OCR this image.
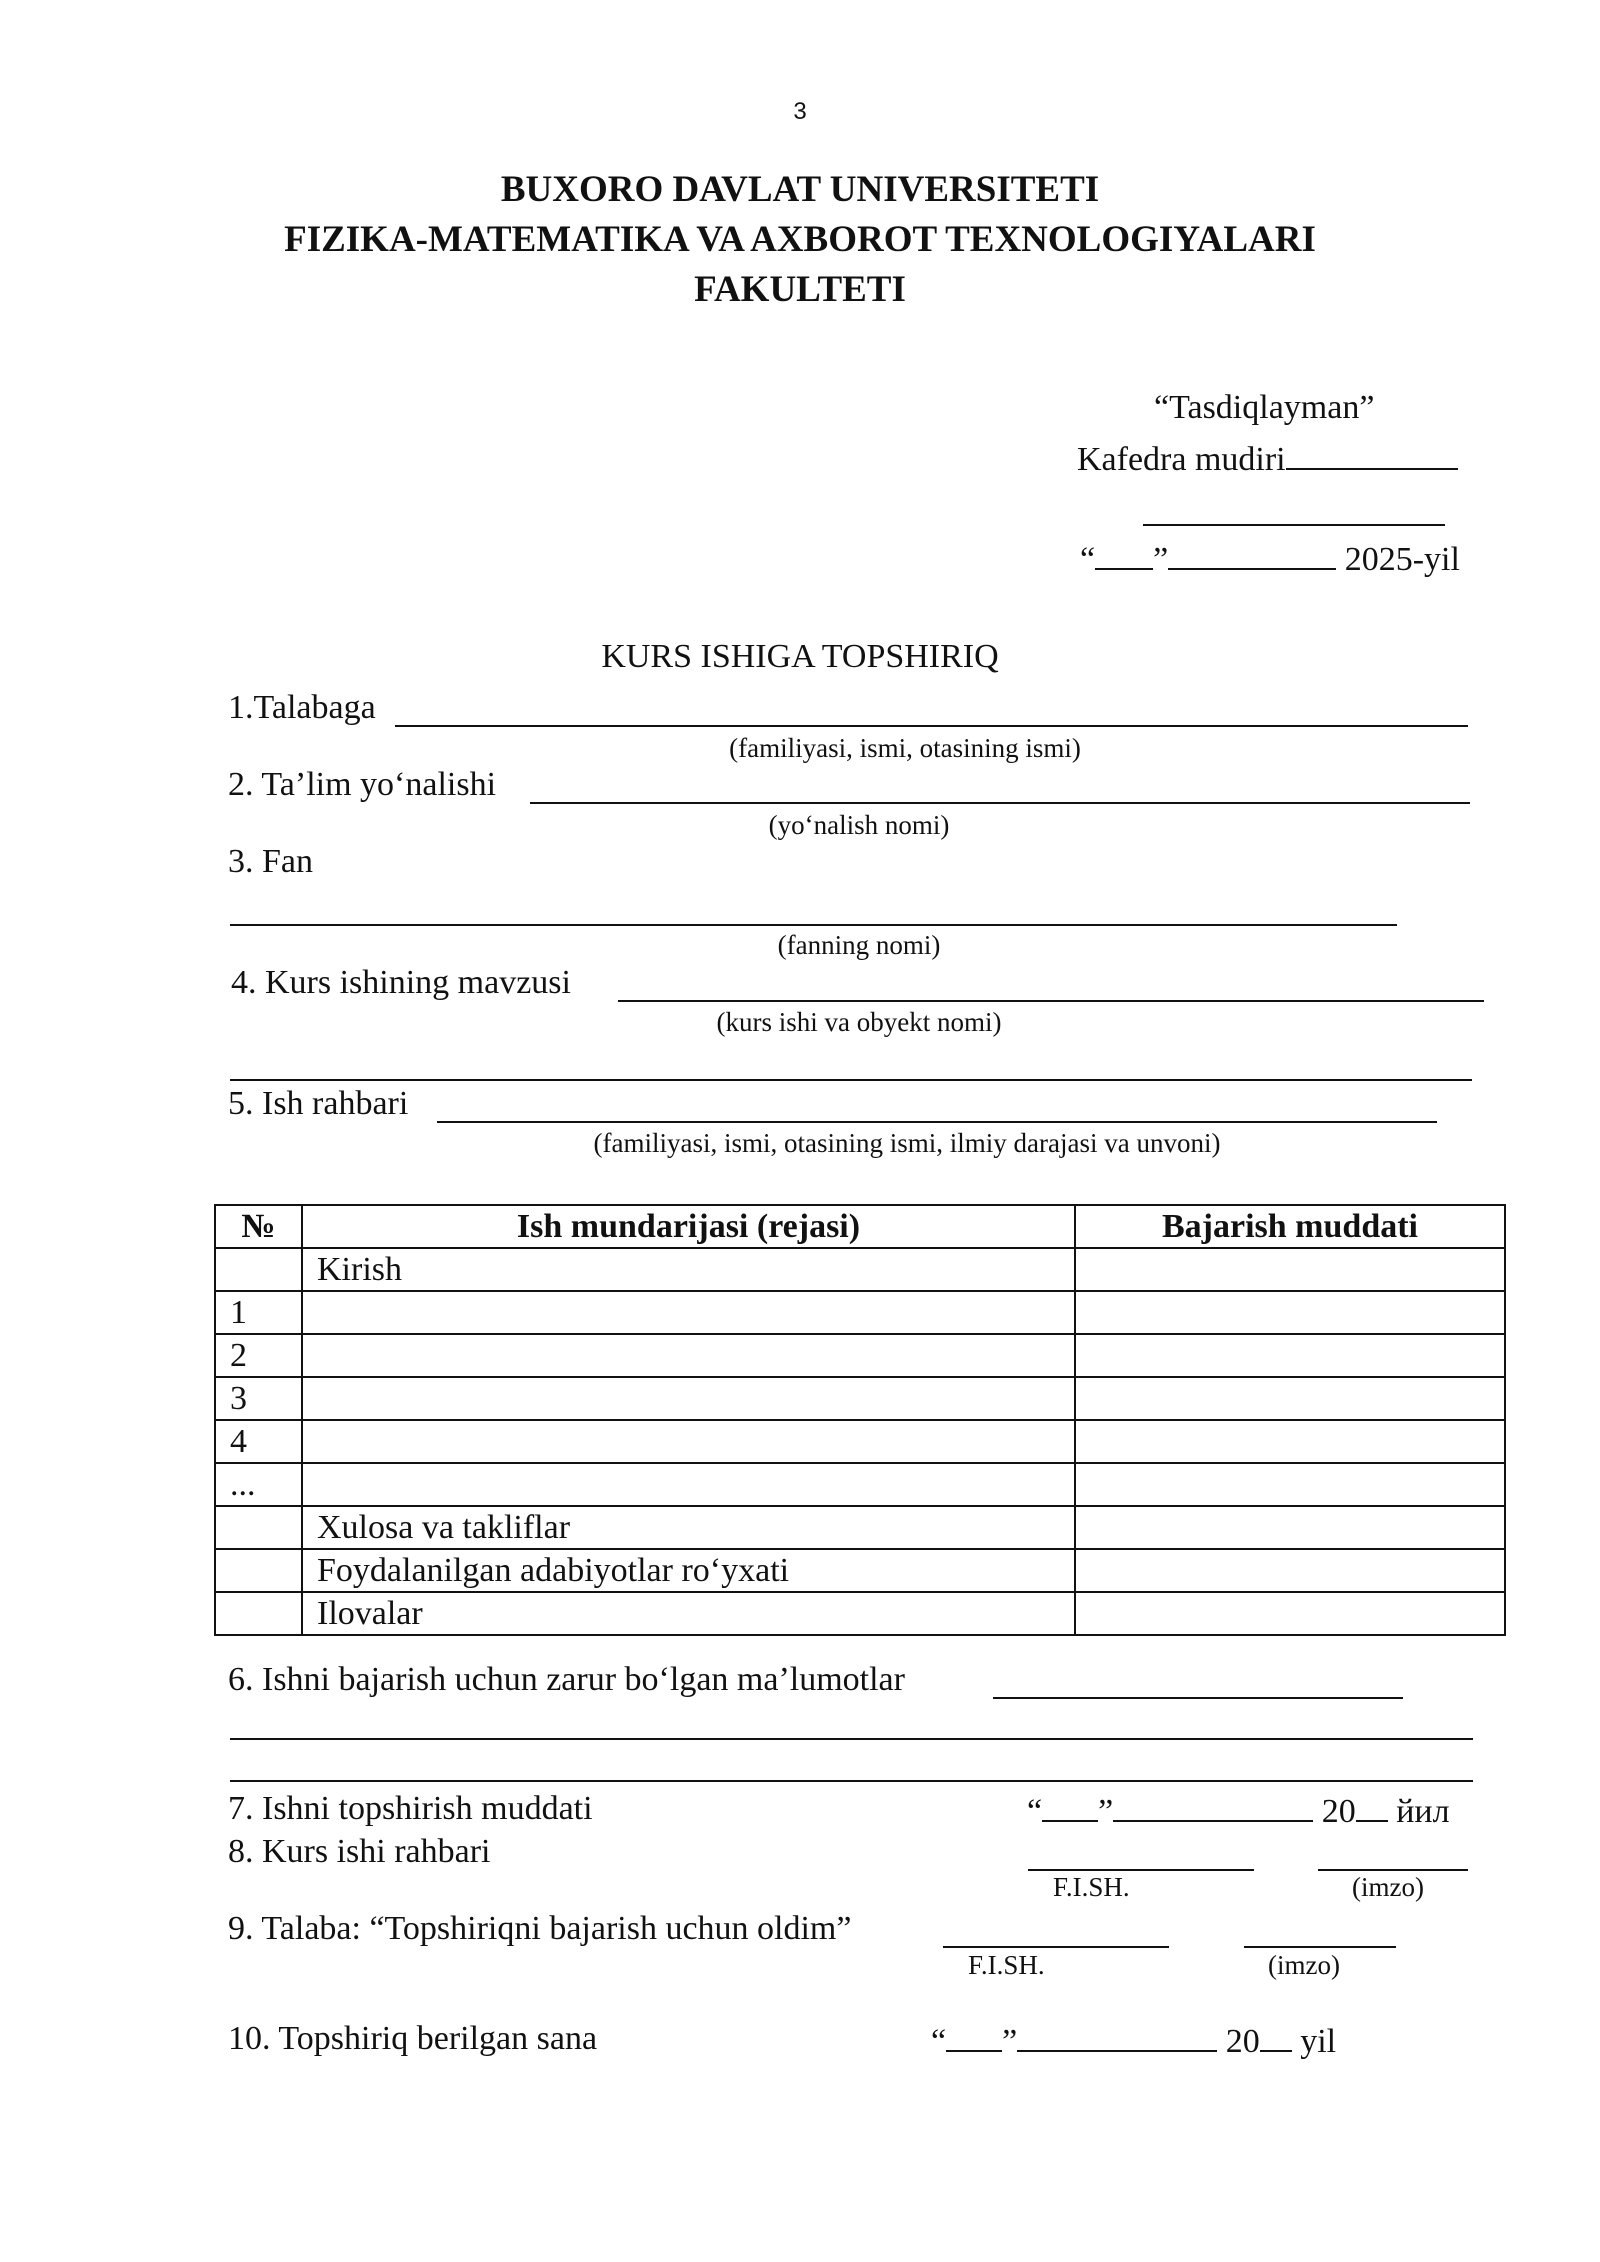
3
BUXORO DAVLAT UNIVERSITETI
FIZIKA-MATEMATIKA VA AXBOROT TEXNOLOGIYALARI
FAKULTETI
“Tasdiqlayman”
Kafedra mudiri
“ ”	2025-yil
KURS ISHIGA TOPSHIRIQ
1.Talabaga
(familiyasi, ismi, otasining ismi)
2. Ta’lim yo‘nalishi
(yo‘nalish nomi)
3. Fan
(fanning nomi)
4. Kurs ishining mavzusi
(kurs ishi va obyekt nomi)
5. Ish rahbari
(familiyasi, ismi, otasining ismi, ilmiy darajasi va unvoni)
№	Ish mundarijasi (rejasi)	Bajarish muddati
	Kirish	
1		
2		
3		
4		
...		
	Xulosa va takliflar	
	Foydalanilgan adabiyotlar ro‘yxati	
	Ilovalar	
6. Ishni bajarish uchun zarur bo‘lgan ma’lumotlar
7. Ishni topshirish muddati	“ ”	20 йил
8. Kurs ishi rahbari
F.I.SH.	(imzo)
9. Talaba: “Topshiriqni bajarish uchun oldim”
F.I.SH.	(imzo)
10. Topshiriq berilgan sana	“ ”	20 yil
